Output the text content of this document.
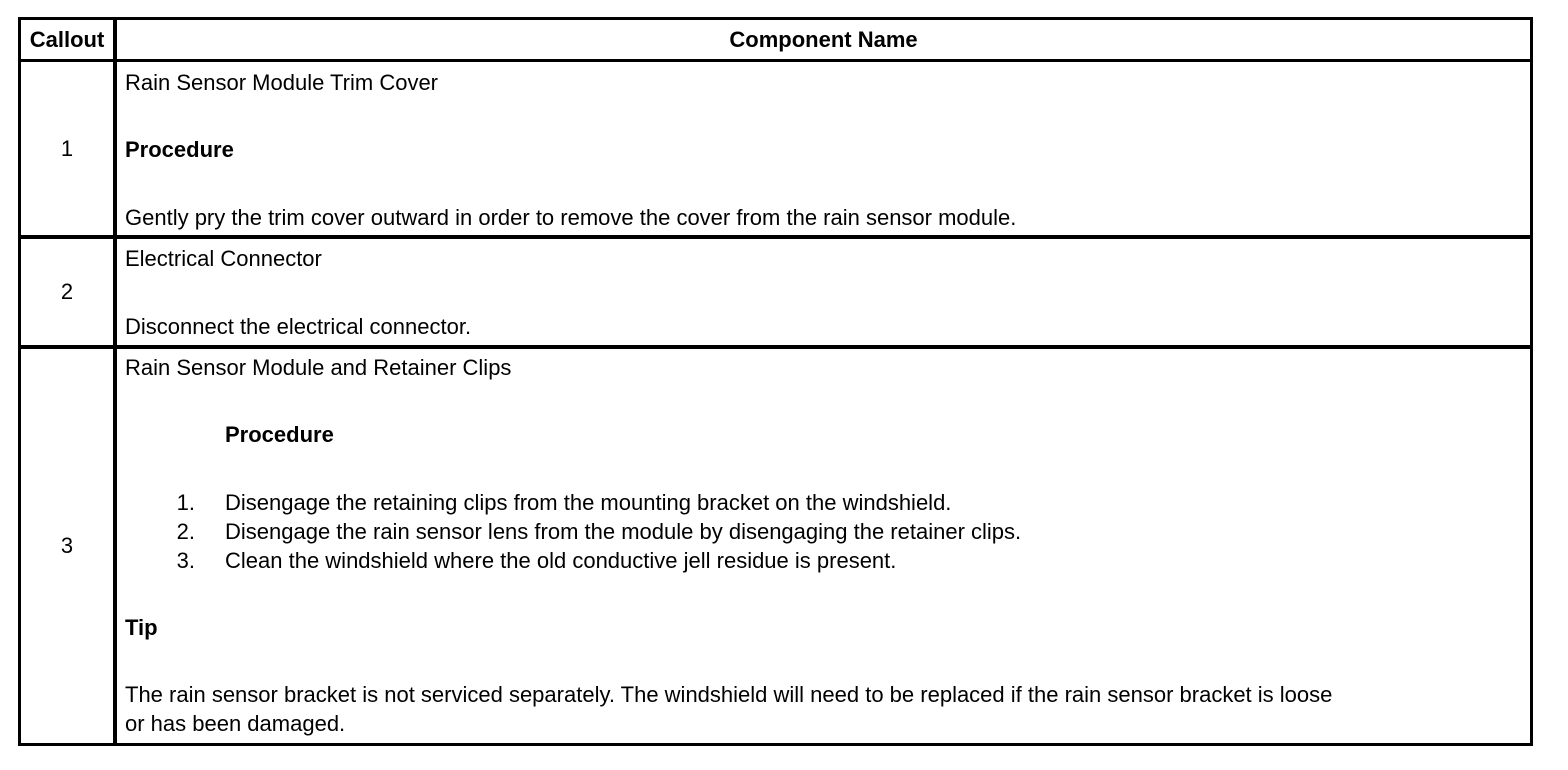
Callout	Component Name
1
Rain Sensor Module Trim Cover
Procedure
Gently pry the trim cover outward in order to remove the cover from the rain sensor module.
2
Electrical Connector
Disconnect the electrical connector.
3
Rain Sensor Module and Retainer Clips
Procedure
1. Disengage the retaining clips from the mounting bracket on the windshield.
2. Disengage the rain sensor lens from the module by disengaging the retainer clips.
3. Clean the windshield where the old conductive jell residue is present.
Tip
The rain sensor bracket is not serviced separately. The windshield will need to be replaced if the rain sensor bracket is loose
or has been damaged.
